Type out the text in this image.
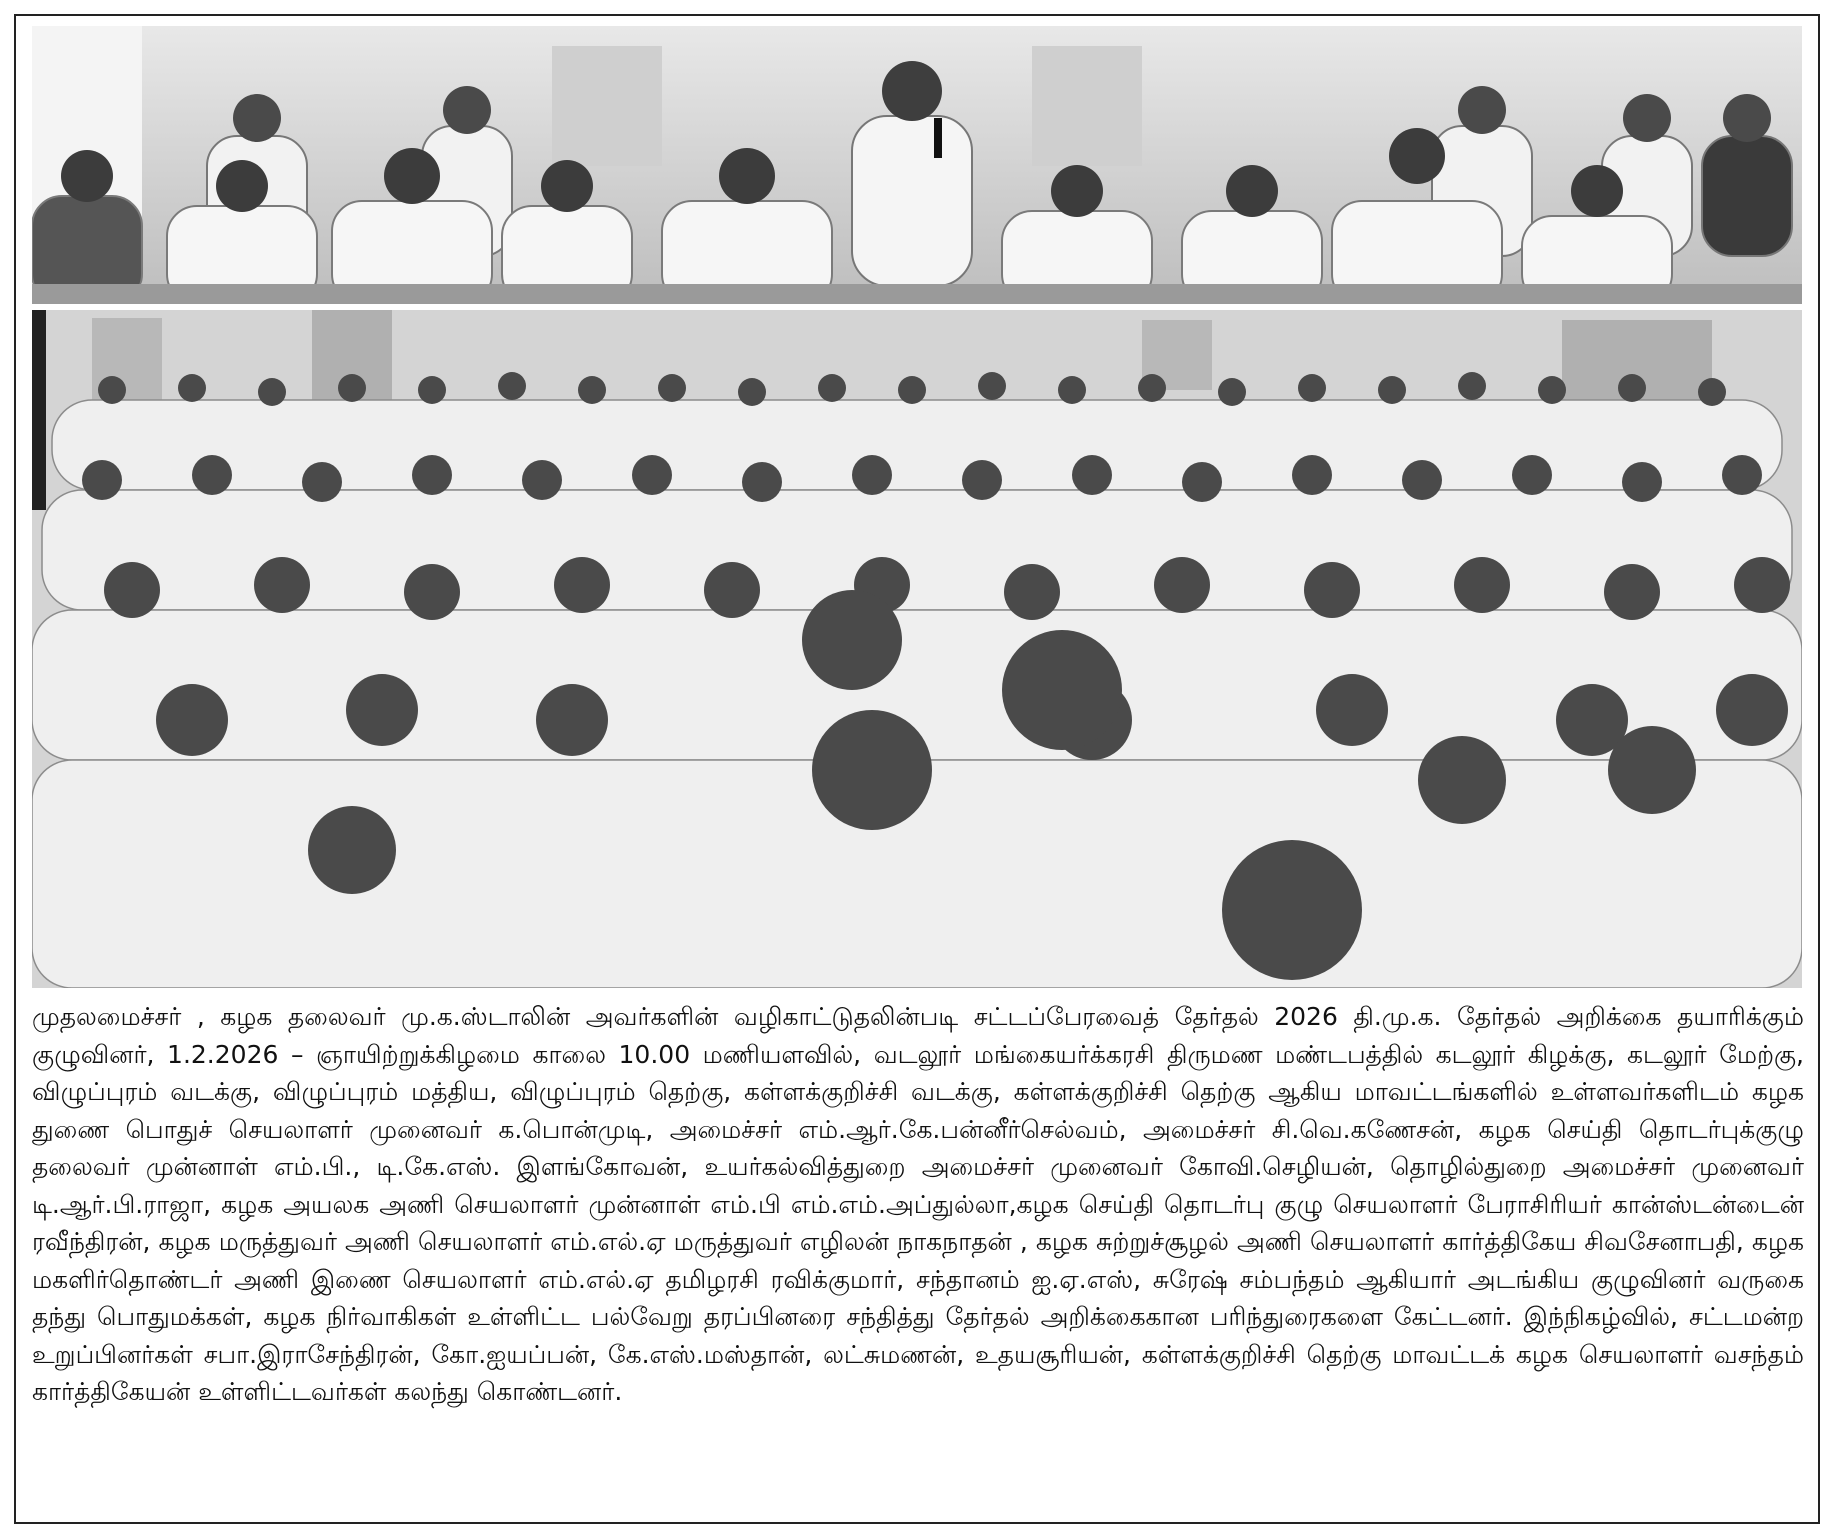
முதலமைச்சர் , கழக தலைவர் மு.க.ஸ்டாலின் அவர்களின் வழிகாட்டுதலின்படி சட்டப்பேரவைத் தேர்தல் 2026 தி.மு.க. தேர்தல் அறிக்கை தயாரிக்கும் குழுவினர், 1.2.2026 – ஞாயிற்றுக்கிழமை காலை 10.00 மணியளவில், வடலூர் மங்கையர்க்கரசி திருமண மண்டபத்தில் கடலூர் கிழக்கு, கடலூர் மேற்கு, விழுப்புரம் வடக்கு, விழுப்புரம் மத்திய, விழுப்புரம் தெற்கு, கள்ளக்குறிச்சி வடக்கு, கள்ளக்குறிச்சி தெற்கு ஆகிய மாவட்டங்களில் உள்ளவர்களிடம் கழக துணை பொதுச் செயலாளர் முனைவர் க.பொன்முடி, அமைச்சர் எம்.ஆர்.கே.பன்னீர்செல்வம், அமைச்சர் சி.வெ.கணேசன், கழக செய்தி தொடர்புக்குழு தலைவர் முன்னாள் எம்.பி., டி.கே.எஸ். இளங்கோவன், உயர்கல்வித்துறை அமைச்சர் முனைவர் கோவி.செழியன், தொழில்துறை அமைச்சர் முனைவர் டி.ஆர்.பி.ராஜா, கழக அயலக அணி செயலாளர் முன்னாள் எம்.பி எம்.எம்.அப்துல்லா,கழக செய்தி தொடர்பு குழு செயலாளர் பேராசிரியர் கான்ஸ்டன்டைன் ரவீந்திரன், கழக மருத்துவர் அணி செயலாளர் எம்.எல்.ஏ மருத்துவர் எழிலன் நாகநாதன் , கழக சுற்றுச்சூழல் அணி செயலாளர் கார்த்திகேய சிவசேனாபதி, கழக மகளிர்தொண்டர் அணி இணை செயலாளர் எம்.எல்.ஏ தமிழரசி ரவிக்குமார், சந்தானம் ஐ.ஏ.எஸ், சுரேஷ் சம்பந்தம் ஆகியார் அடங்கிய குழுவினர் வருகை தந்து பொதுமக்கள், கழக நிர்வாகிகள் உள்ளிட்ட பல்வேறு தரப்பினரை சந்தித்து தேர்தல் அறிக்கைகான பரிந்துரைகளை கேட்டனர். இந்நிகழ்வில், சட்டமன்ற உறுப்பினர்கள் சபா.இராசேந்திரன், கோ.ஐயப்பன், கே.எஸ்.மஸ்தான், லட்சுமணன், உதயசூரியன், கள்ளக்குறிச்சி தெற்கு மாவட்டக் கழக செயலாளர் வசந்தம் கார்த்திகேயன் உள்ளிட்டவர்கள் கலந்து கொண்டனர்.
